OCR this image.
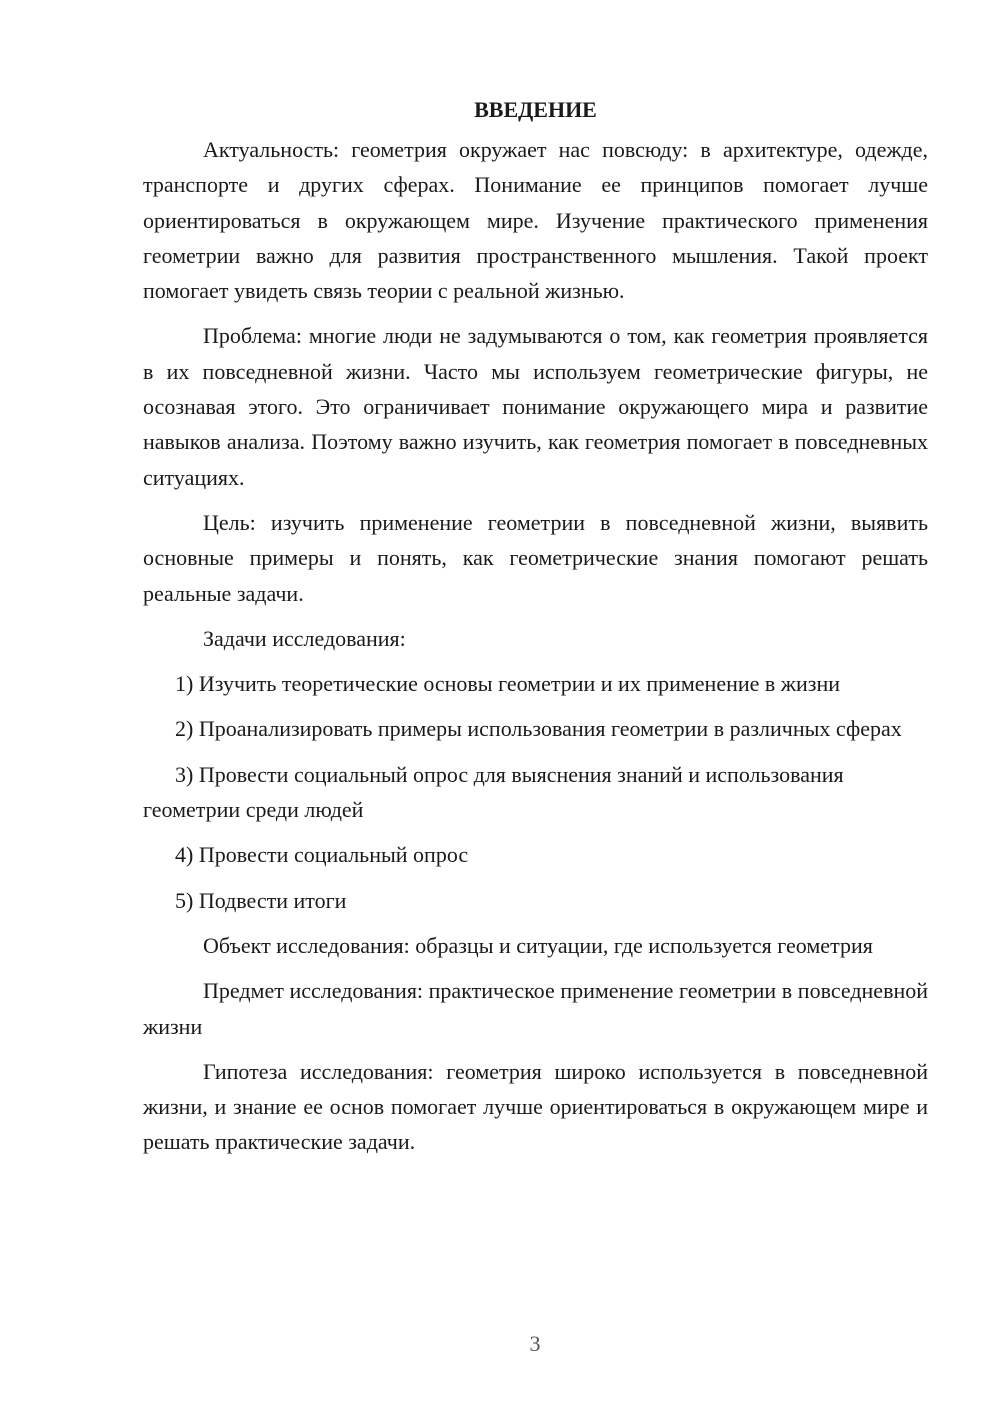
ВВЕДЕНИЕ

Актуальность: геометрия окружает нас повсюду: в архитектуре, одежде, транспорте и других сферах. Понимание ее принципов помогает лучше ориентироваться в окружающем мире. Изучение практического применения геометрии важно для развития пространственного мышления. Такой проект помогает увидеть связь теории с реальной жизнью.

Проблема: многие люди не задумываются о том, как геометрия проявляется в их повседневной жизни. Часто мы используем геометрические фигуры, не осознавая этого. Это ограничивает понимание окружающего мира и развитие навыков анализа. Поэтому важно изучить, как геометрия помогает в повседневных ситуациях.

Цель: изучить применение геометрии в повседневной жизни, выявить основные примеры и понять, как геометрические знания помогают решать реальные задачи.

Задачи исследования:

1) Изучить теоретические основы геометрии и их применение в жизни

2) Проанализировать примеры использования геометрии в различных сферах

3) Провести социальный опрос для выяснения знаний и использования геометрии среди людей

4) Провести социальный опрос

5) Подвести итоги

Объект исследования: образцы и ситуации, где используется геометрия

Предмет исследования: практическое применение геометрии в повседневной жизни

Гипотеза исследования: геометрия широко используется в повседневной жизни, и знание ее основ помогает лучше ориентироваться в окружающем мире и решать практические задачи.

3
